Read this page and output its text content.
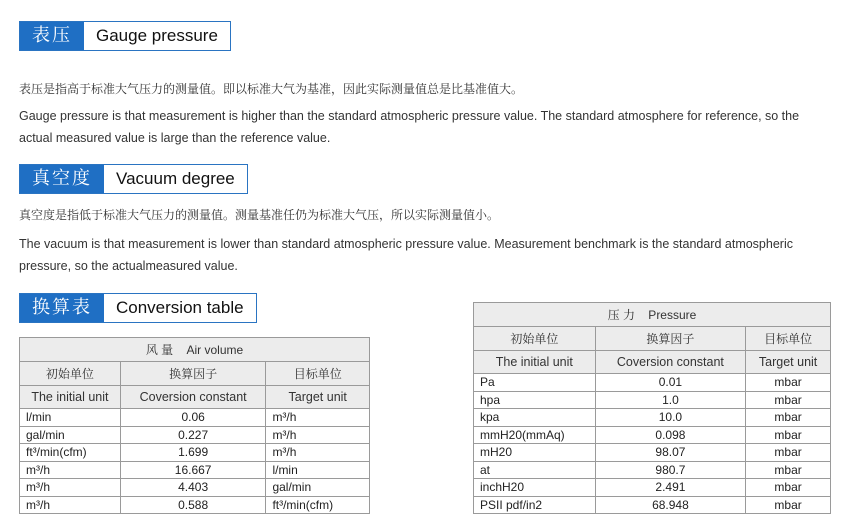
表压	Gauge pressure
表压是指高于标准大气压力的测量值。即以标准大气为基准，因此实际测量值总是比基准值大。
Gauge pressure is that measurement is higher than the standard atmospheric pressure value. The standard atmosphere for reference, so the actual measured value is large than the reference value.
真空度	Vacuum degree
真空度是指低于标准大气压力的测量值。测量基准任仍为标准大气压，所以实际测量值小。
The vacuum is that measurement is lower than standard atmospheric pressure value. Measurement benchmark is the standard atmospheric pressure, so the actualmeasured value.
换算表	Conversion table
风 量    Air volume		
初始单位	换算因子	目标单位
The initial unit	Coversion constant	Target unit
l/min	0.06	m³/h
gal/min	0.227	m³/h
ft³/min(cfm)	1.699	m³/h
m³/h	16.667	l/min
m³/h	4.403	gal/min
m³/h	0.588	ft³/min(cfm)
压 力    Pressure		
初始单位	换算因子	目标单位
The initial unit	Coversion constant	Target unit
Pa	0.01	mbar
hpa	1.0	mbar
kpa	10.0	mbar
mmH20(mmAq)	0.098	mbar
mH20	98.07	mbar
at	980.7	mbar
inchH20	2.491	mbar
PSII pdf/in2	68.948	mbar
